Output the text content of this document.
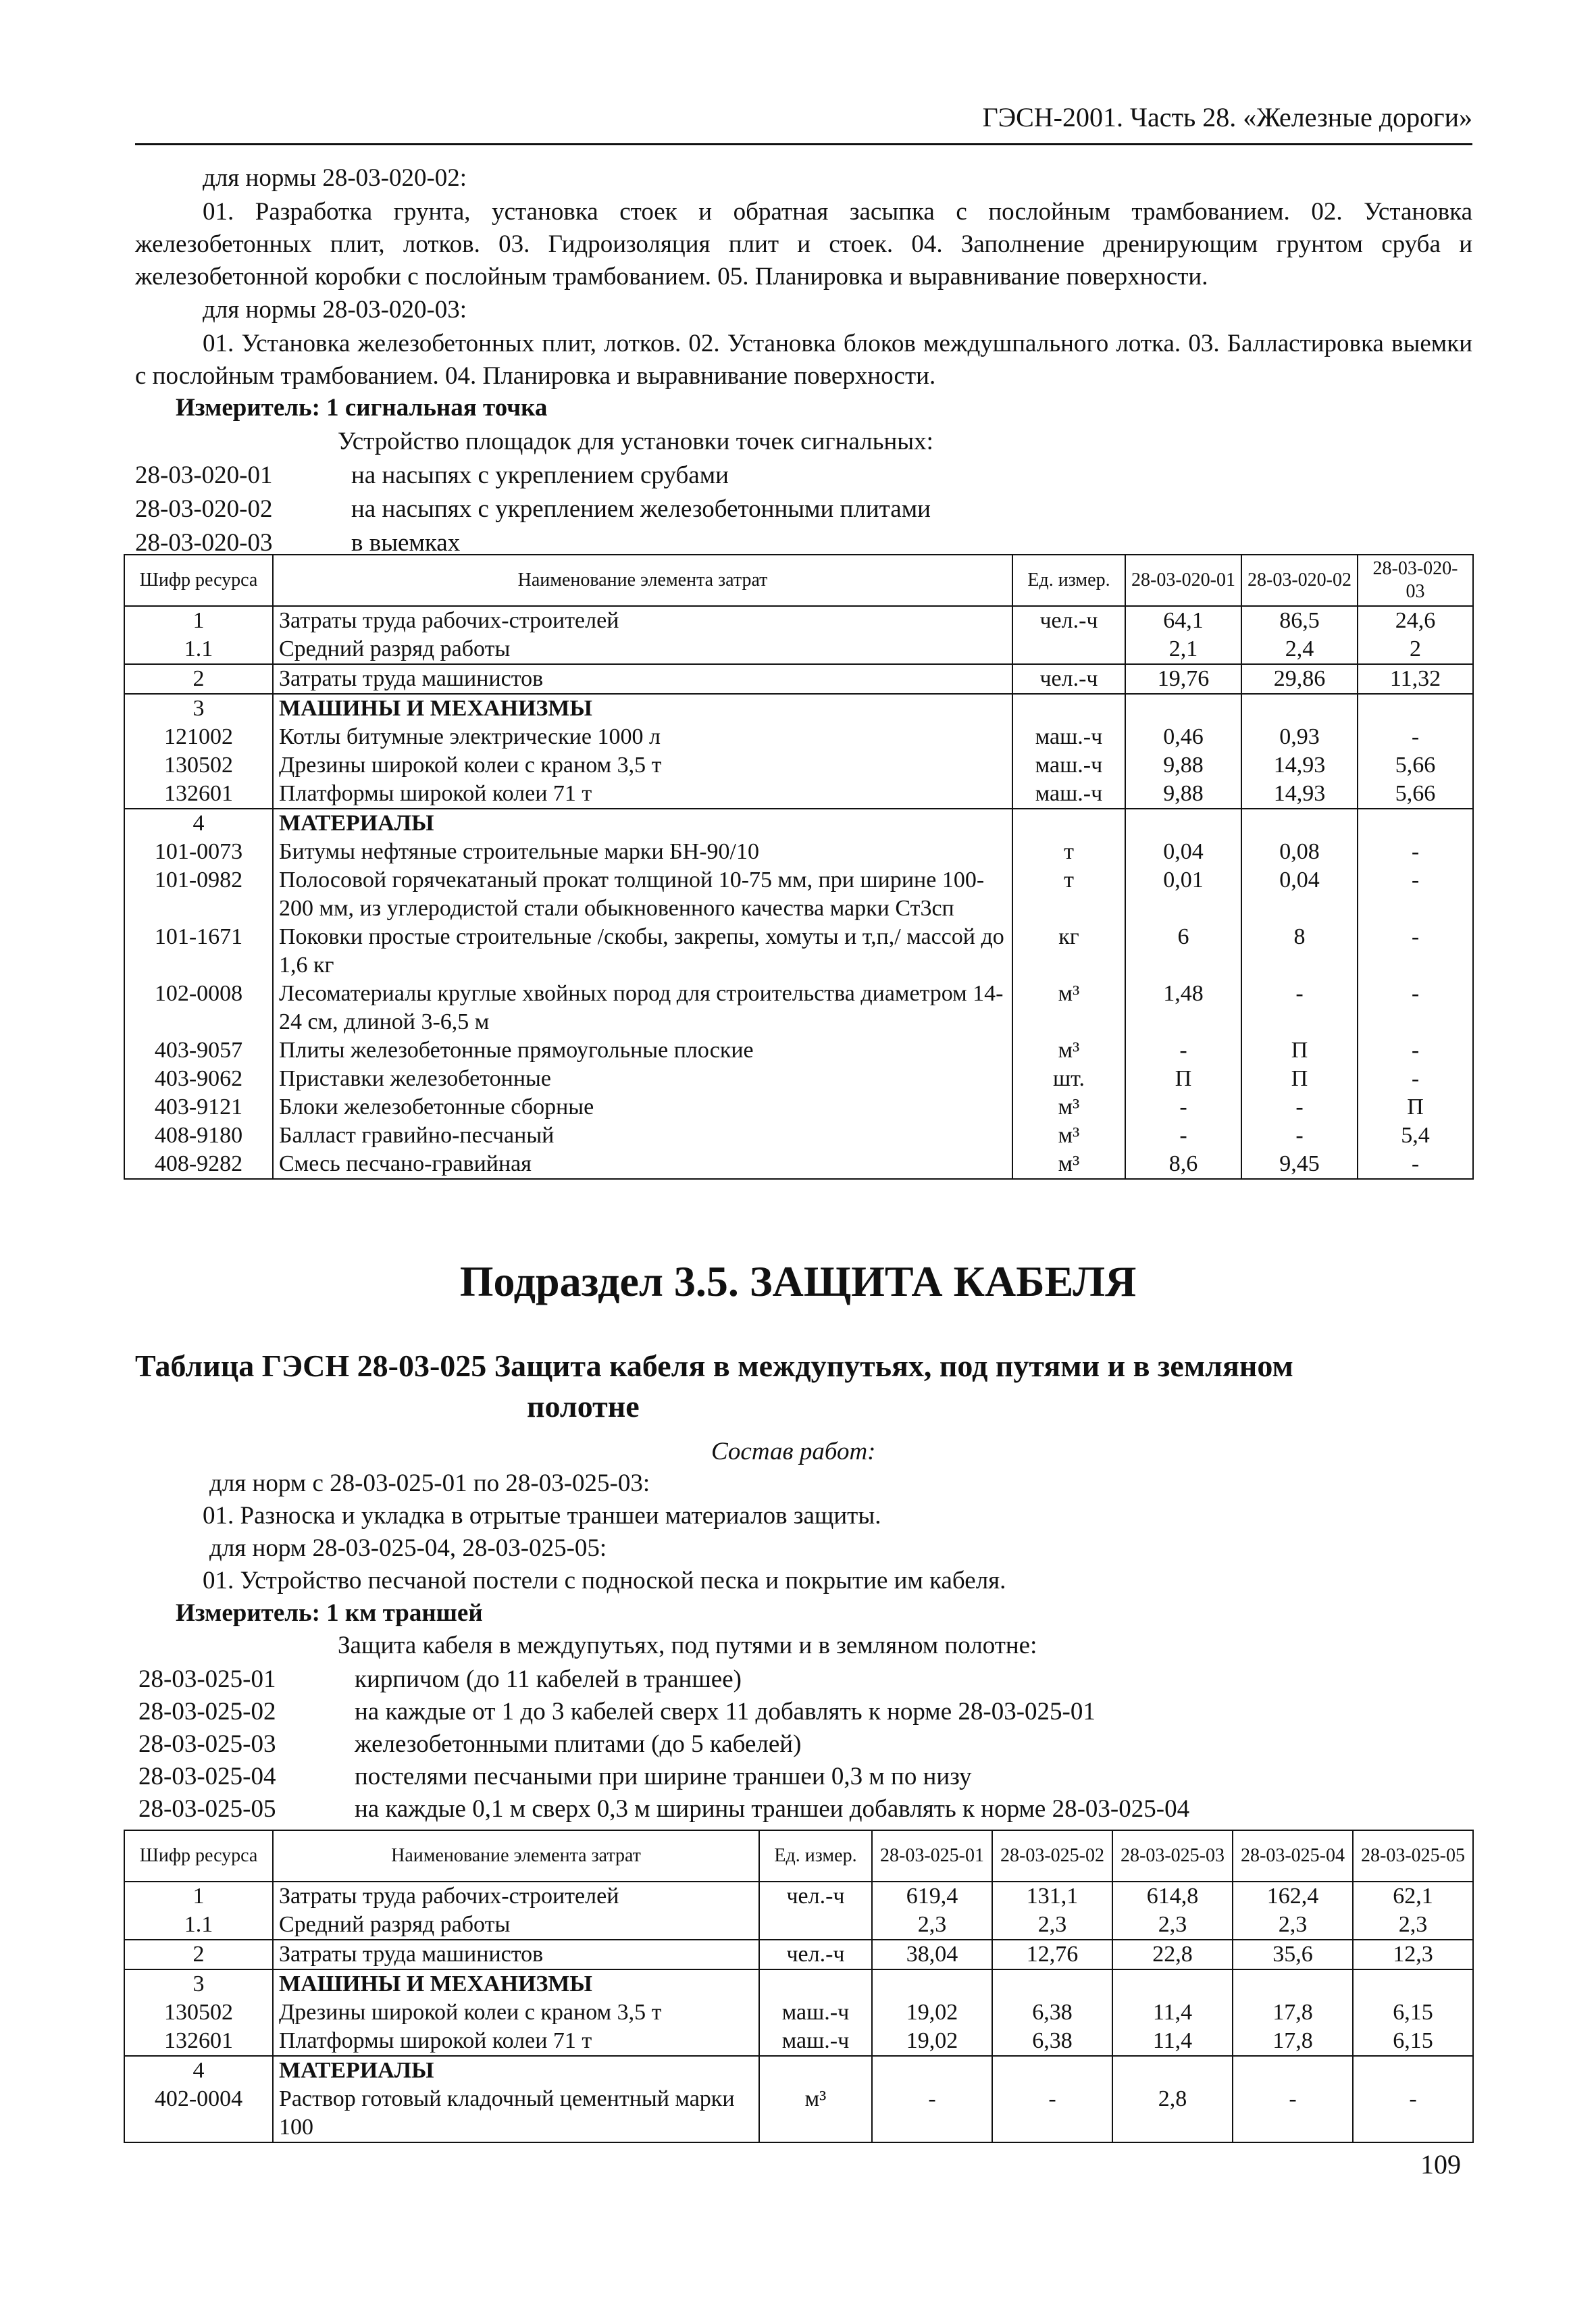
ГЭСН-2001. Часть 28. «Железные дороги»
для нормы 28-03-020-02:
01. Разработка грунта, установка стоек и обратная засыпка с послойным трамбованием. 02. Установка железобетонных плит, лотков. 03. Гидроизоляция плит и стоек. 04. Заполнение дренирующим грунтом сруба и железобетонной коробки с послойным трамбованием. 05. Планировка и выравнивание поверхности.
для нормы 28-03-020-03:
01. Установка железобетонных плит, лотков. 02. Установка блоков междушпального лотка. 03. Балластировка выемки с послойным трамбованием. 04. Планировка и выравнивание поверхности.
Измеритель: 1 сигнальная точка
Устройство площадок для установки точек сигнальных:
28-03-020-01	на насыпях с укреплением срубами
28-03-020-02	на насыпях с укреплением железобетонными плитами
28-03-020-03	в выемках
Шифр ресурса	Наименование элемента затрат	Ед. измер.	28-03-020-01	28-03-020-02	28-03-020-03
1	Затраты труда рабочих-строителей	чел.-ч	64,1	86,5	24,6
1.1	Средний разряд работы		2,1	2,4	2
2	Затраты труда машинистов	чел.-ч	19,76	29,86	11,32
3	МАШИНЫ И МЕХАНИЗМЫ				
121002	Котлы битумные электрические 1000 л	маш.-ч	0,46	0,93	-
130502	Дрезины широкой колеи с краном 3,5 т	маш.-ч	9,88	14,93	5,66
132601	Платформы широкой колеи 71 т	маш.-ч	9,88	14,93	5,66
4	МАТЕРИАЛЫ				
101-0073	Битумы нефтяные строительные марки БН-90/10	т	0,04	0,08	-
101-0982	Полосовой горячекатаный прокат толщиной 10-75 мм, при ширине 100-200 мм, из углеродистой стали обыкновенного качества марки Ст3сп	т	0,01	0,04	-
101-1671	Поковки простые строительные /скобы, закрепы, хомуты и т,п,/ массой до 1,6 кг	кг	6	8	-
102-0008	Лесоматериалы круглые хвойных пород для строительства диаметром 14-24 см, длиной 3-6,5 м	м³	1,48	-	-
403-9057	Плиты железобетонные прямоугольные плоские	м³	-	П	-
403-9062	Приставки железобетонные	шт.	П	П	-
403-9121	Блоки железобетонные сборные	м³	-	-	П
408-9180	Балласт гравийно-песчаный	м³	-	-	5,4
408-9282	Смесь песчано-гравийная	м³	8,6	9,45	-
Подраздел 3.5. ЗАЩИТА КАБЕЛЯ
Таблица ГЭСН 28-03-025 Защита кабеля в междупутьях, под путями и в земляном
полотне
Состав работ:
для норм с 28-03-025-01 по 28-03-025-03:
01. Разноска и укладка в отрытые траншеи материалов защиты.
для норм 28-03-025-04, 28-03-025-05:
01. Устройство песчаной постели с подноской песка и покрытие им кабеля.
Измеритель: 1 км траншей
Защита кабеля в междупутьях, под путями и в земляном полотне:
28-03-025-01	кирпичом (до 11 кабелей в траншее)
28-03-025-02	на каждые от 1 до 3 кабелей сверх 11 добавлять к норме 28-03-025-01
28-03-025-03	железобетонными плитами (до 5 кабелей)
28-03-025-04	постелями песчаными при ширине траншеи 0,3 м по низу
28-03-025-05	на каждые 0,1 м сверх 0,3 м ширины траншеи добавлять к норме 28-03-025-04
Шифр ресурса	Наименование элемента затрат	Ед. измер.	28-03-025-01	28-03-025-02	28-03-025-03	28-03-025-04	28-03-025-05
1	Затраты труда рабочих-строителей	чел.-ч	619,4	131,1	614,8	162,4	62,1
1.1	Средний разряд работы		2,3	2,3	2,3	2,3	2,3
2	Затраты труда машинистов	чел.-ч	38,04	12,76	22,8	35,6	12,3
3	МАШИНЫ И МЕХАНИЗМЫ						
130502	Дрезины широкой колеи с краном 3,5 т	маш.-ч	19,02	6,38	11,4	17,8	6,15
132601	Платформы широкой колеи 71 т	маш.-ч	19,02	6,38	11,4	17,8	6,15
4	МАТЕРИАЛЫ						
402-0004	Раствор готовый кладочный цементный марки 100	м³	-	-	2,8	-	-
109
